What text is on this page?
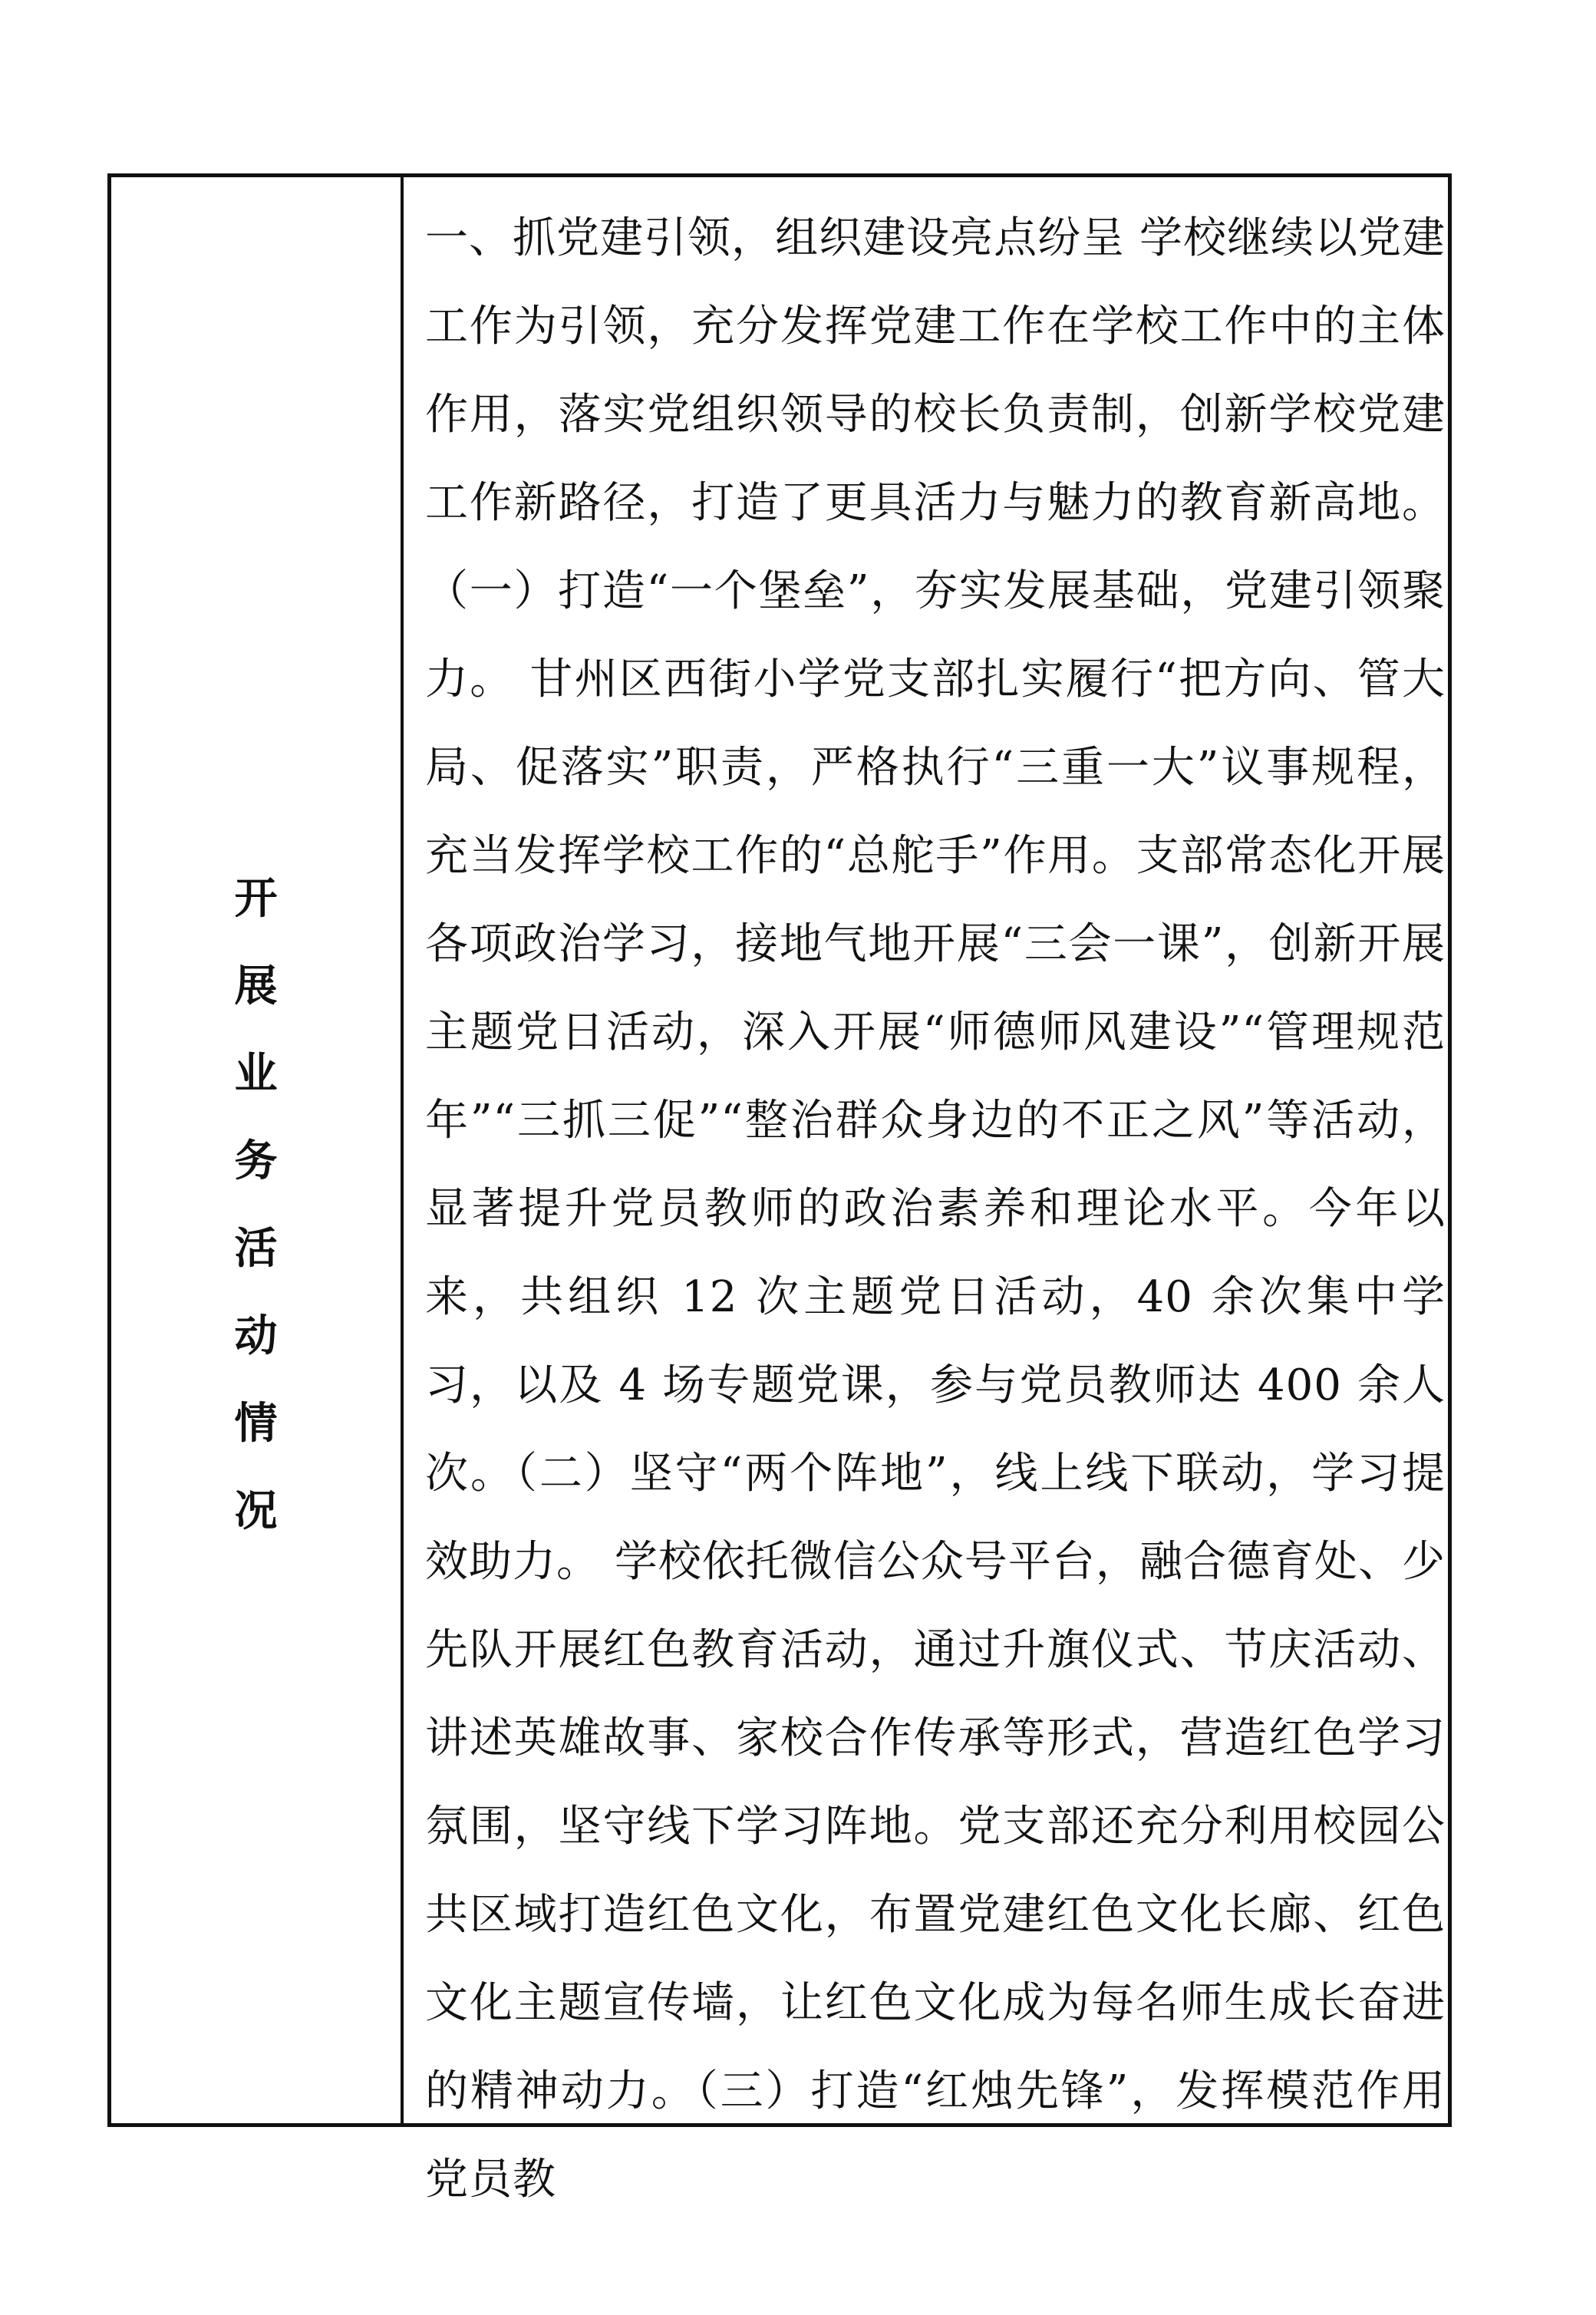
开
展
业
务
活
动
情
况

一、抓党建引领，组织建设亮点纷呈 学校继续以党建工作为引领，充分发挥党建工作在学校工作中的主体作用，落实党组织领导的校长负责制，创新学校党建工作新路径，打造了更具活力与魅力的教育新高地。（一）打造“一个堡垒”，夯实发展基础，党建引领聚力。 甘州区西街小学党支部扎实履行“把方向、管大局、促落实”职责，严格执行“三重一大”议事规程，充当发挥学校工作的“总舵手”作用。支部常态化开展各项政治学习，接地气地开展“三会一课”，创新开展主题党日活动，深入开展“师德师风建设”“管理规范年”“三抓三促”“整治群众身边的不正之风”等活动，显著提升党员教师的政治素养和理论水平。今年以来，共组织 12 次主题党日活动，40 余次集中学习，以及 4 场专题党课，参与党员教师达 400 余人次。（二）坚守“两个阵地”，线上线下联动，学习提效助力。 学校依托微信公众号平台，融合德育处、少先队开展红色教育活动，通过升旗仪式、节庆活动、讲述英雄故事、家校合作传承等形式，营造红色学习氛围，坚守线下学习阵地。党支部还充分利用校园公共区域打造红色文化，布置党建红色文化长廊、红色文化主题宣传墙，让红色文化成为每名师生成长奋进的精神动力。（三）打造“红烛先锋”，发挥模范作用 党员教
